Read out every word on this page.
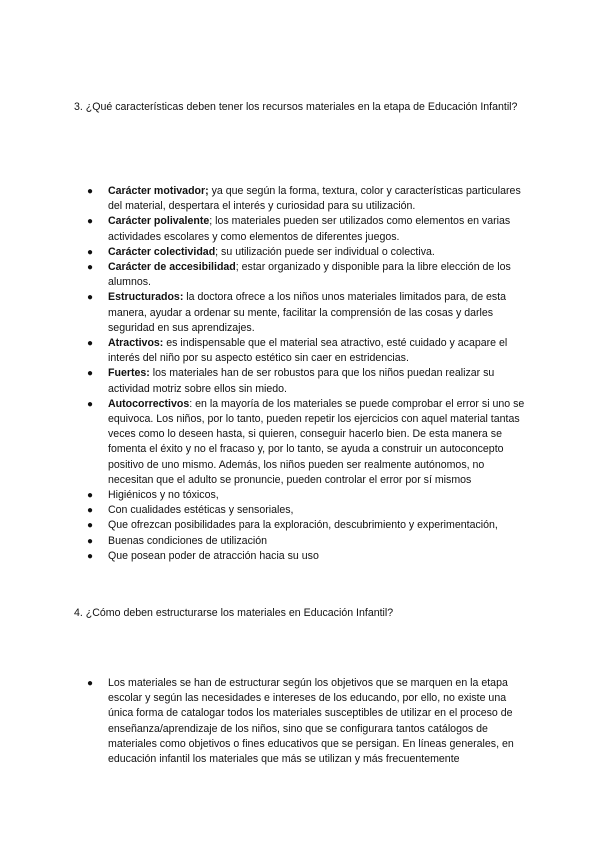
3. ¿Qué características deben tener los recursos materiales en la etapa de Educación Infantil?

● Carácter motivador; ya que según la forma, textura, color y características particulares del material, despertara el interés y curiosidad para su utilización.
● Carácter polivalente; los materiales pueden ser utilizados como elementos en varias actividades escolares y como elementos de diferentes juegos.
● Carácter colectividad; su utilización puede ser individual o colectiva.
● Carácter de accesibilidad; estar organizado y disponible para la libre elección de los alumnos.
● Estructurados: la doctora ofrece a los niños unos materiales limitados para, de esta manera, ayudar a ordenar su mente, facilitar la comprensión de las cosas y darles seguridad en sus aprendizajes.
● Atractivos: es indispensable que el material sea atractivo, esté cuidado y acapare el interés del niño por su aspecto estético sin caer en estridencias.
● Fuertes: los materiales han de ser robustos para que los niños puedan realizar su actividad motriz sobre ellos sin miedo.
● Autocorrectivos: en la mayoría de los materiales se puede comprobar el error si uno se equivoca. Los niños, por lo tanto, pueden repetir los ejercicios con aquel material tantas veces como lo deseen hasta, si quieren, conseguir hacerlo bien. De esta manera se fomenta el éxito y no el fracaso y, por lo tanto, se ayuda a construir un autoconcepto positivo de uno mismo. Además, los niños pueden ser realmente autónomos, no necesitan que el adulto se pronuncie, pueden controlar el error por sí mismos
● Higiénicos y no tóxicos,
● Con cualidades estéticas y sensoriales,
● Que ofrezcan posibilidades para la exploración, descubrimiento y experimentación,
● Buenas condiciones de utilización
● Que posean poder de atracción hacia su uso

4. ¿Cómo deben estructurarse los materiales en Educación Infantil?

● Los materiales se han de estructurar según los objetivos que se marquen en la etapa escolar y según las necesidades e intereses de los educando, por ello, no existe una única forma de catalogar todos los materiales susceptibles de utilizar en el proceso de enseñanza/aprendizaje de los niños, sino que se configurara tantos catálogos de materiales como objetivos o fines educativos que se persigan. En líneas generales, en educación infantil los materiales que más se utilizan y más frecuentemente
